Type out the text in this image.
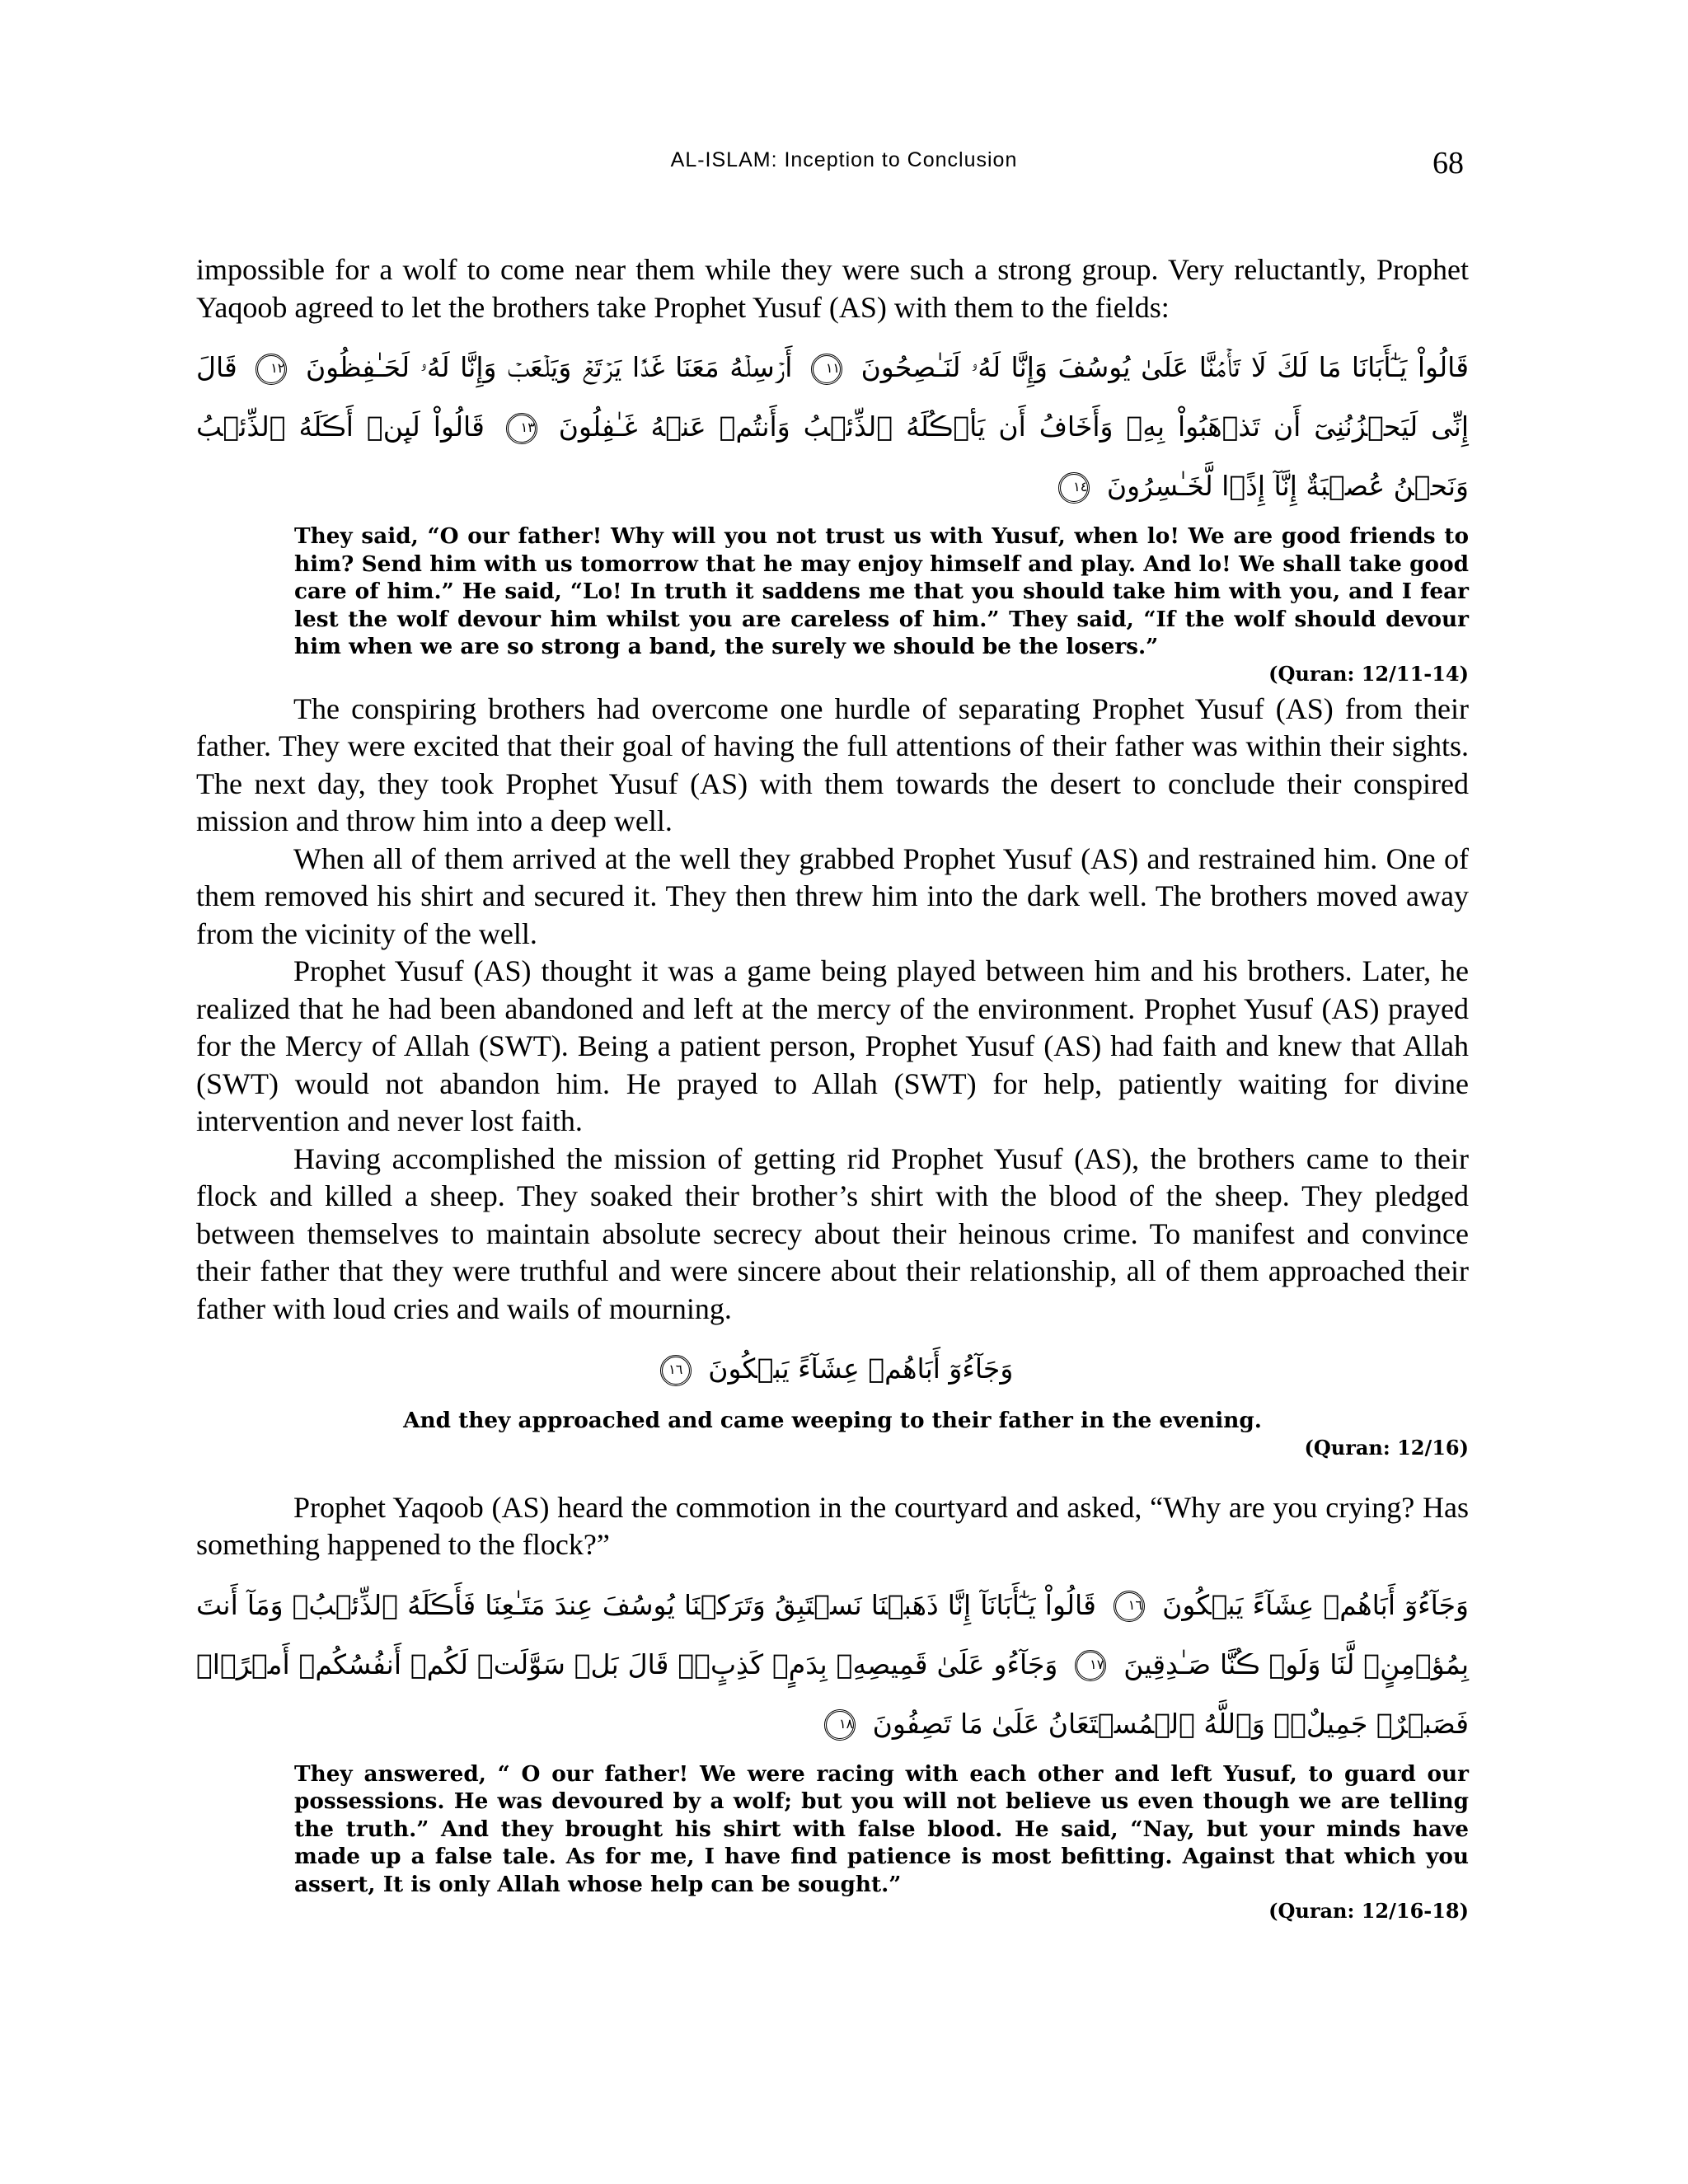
AL-ISLAM: Inception to Conclusion	68

impossible for a wolf to come near them while they were such a strong group. Very reluctantly, Prophet Yaqoob agreed to let the brothers take Prophet Yusuf (AS) with them to the fields:

قَالُواْ يَـٰٓأَبَانَا مَا لَكَ لَا تَأۡمَ۬نَّا عَلَىٰ يُوسُفَ وَإِنَّا لَهُۥ لَنَـٰصِحُونَ ١١ أَرۡسِلۡهُ مَعَنَا غَدً۬ا يَرۡتَعۡ وَيَلۡعَبۡ وَإِنَّا لَهُۥ لَحَـٰفِظُونَ ١٢ قَالَ إِنِّى لَيَحۡزُنُنِىٓ أَن تَذۡهَبُواْ بِهِۦ وَأَخَافُ أَن يَأۡڪُلَهُ ٱلذِّئۡبُ وَأَنتُمۡ عَنۡهُ غَـٰفِلُونَ ١٣ قَالُواْ لَٮِٕنۡ أَڪَلَهُ ٱلذِّئۡبُ وَنَحۡنُ عُصۡبَةٌ إِنَّآ إِذً۬ا لَّخَـٰسِرُونَ ١٤
They said, “O our father! Why will you not trust us with Yusuf, when lo! We are good friends to him? Send him with us tomorrow that he may enjoy himself and play. And lo! We shall take good care of him.” He said, “Lo! In truth it saddens me that you should take him with you, and I fear lest the wolf devour him whilst you are careless of him.” They said, “If the wolf should devour him when we are so strong a band, the surely we should be the losers.”
(Quran: 12/11-14)

The conspiring brothers had overcome one hurdle of separating Prophet Yusuf (AS) from their father. They were excited that their goal of having the full attentions of their father was within their sights. The next day, they took Prophet Yusuf (AS) with them towards the desert to conclude their conspired mission and throw him into a deep well.

When all of them arrived at the well they grabbed Prophet Yusuf (AS) and restrained him. One of them removed his shirt and secured it. They then threw him into the dark well. The brothers moved away from the vicinity of the well.

Prophet Yusuf (AS) thought it was a game being played between him and his brothers. Later, he realized that he had been abandoned and left at the mercy of the environment. Prophet Yusuf (AS) prayed for the Mercy of Allah (SWT). Being a patient person, Prophet Yusuf (AS) had faith and knew that Allah (SWT) would not abandon him. He prayed to Allah (SWT) for help, patiently waiting for divine intervention and never lost faith.

Having accomplished the mission of getting rid Prophet Yusuf (AS), the brothers came to their flock and killed a sheep. They soaked their brother’s shirt with the blood of the sheep. They pledged between themselves to maintain absolute secrecy about their heinous crime. To manifest and convince their father that they were truthful and were sincere about their relationship, all of them approached their father with loud cries and wails of mourning.

وَجَآءُوٓ أَبَاهُمۡ عِشَآءً يَبۡكُونَ ١٦
And they approached and came weeping to their father in the evening.
(Quran: 12/16)

Prophet Yaqoob (AS) heard the commotion in the courtyard and asked, “Why are you crying? Has something happened to the flock?”

وَجَآءُوٓ أَبَاهُمۡ عِشَآءً يَبۡكُونَ ١٦ قَالُواْ يَـٰٓأَبَانَآ إِنَّا ذَهَبۡنَا نَسۡتَبِقُ وَتَرَكۡنَا يُوسُفَ عِندَ مَتَـٰعِنَا فَأَڪَلَهُ ٱلذِّئۡبُ‌ۖ وَمَآ أَنتَ بِمُؤۡمِنٍ۬ لَّنَا وَلَوۡ ڪُنَّا صَـٰدِقِينَ ١٧ وَجَآءُو عَلَىٰ قَمِيصِهِۦ بِدَمٍ۬ كَذِبٍ۬‌ۚ قَالَ بَلۡ سَوَّلَتۡ لَكُمۡ أَنفُسُكُمۡ أَمۡرً۬ا‌ۖ فَصَبۡرٌ۬ جَمِيلٌ۬‌ۖ وَٱللَّهُ ٱلۡمُسۡتَعَانُ عَلَىٰ مَا تَصِفُونَ ١٨
They answered, “ O our father! We were racing with each other and left Yusuf, to guard our possessions. He was devoured by a wolf; but you will not believe us even though we are telling the truth.” And they brought his shirt with false blood. He said, “Nay, but your minds have made up a false tale. As for me, I have find patience is most befitting. Against that which you assert, It is only Allah whose help can be sought.”
(Quran: 12/16-18)
